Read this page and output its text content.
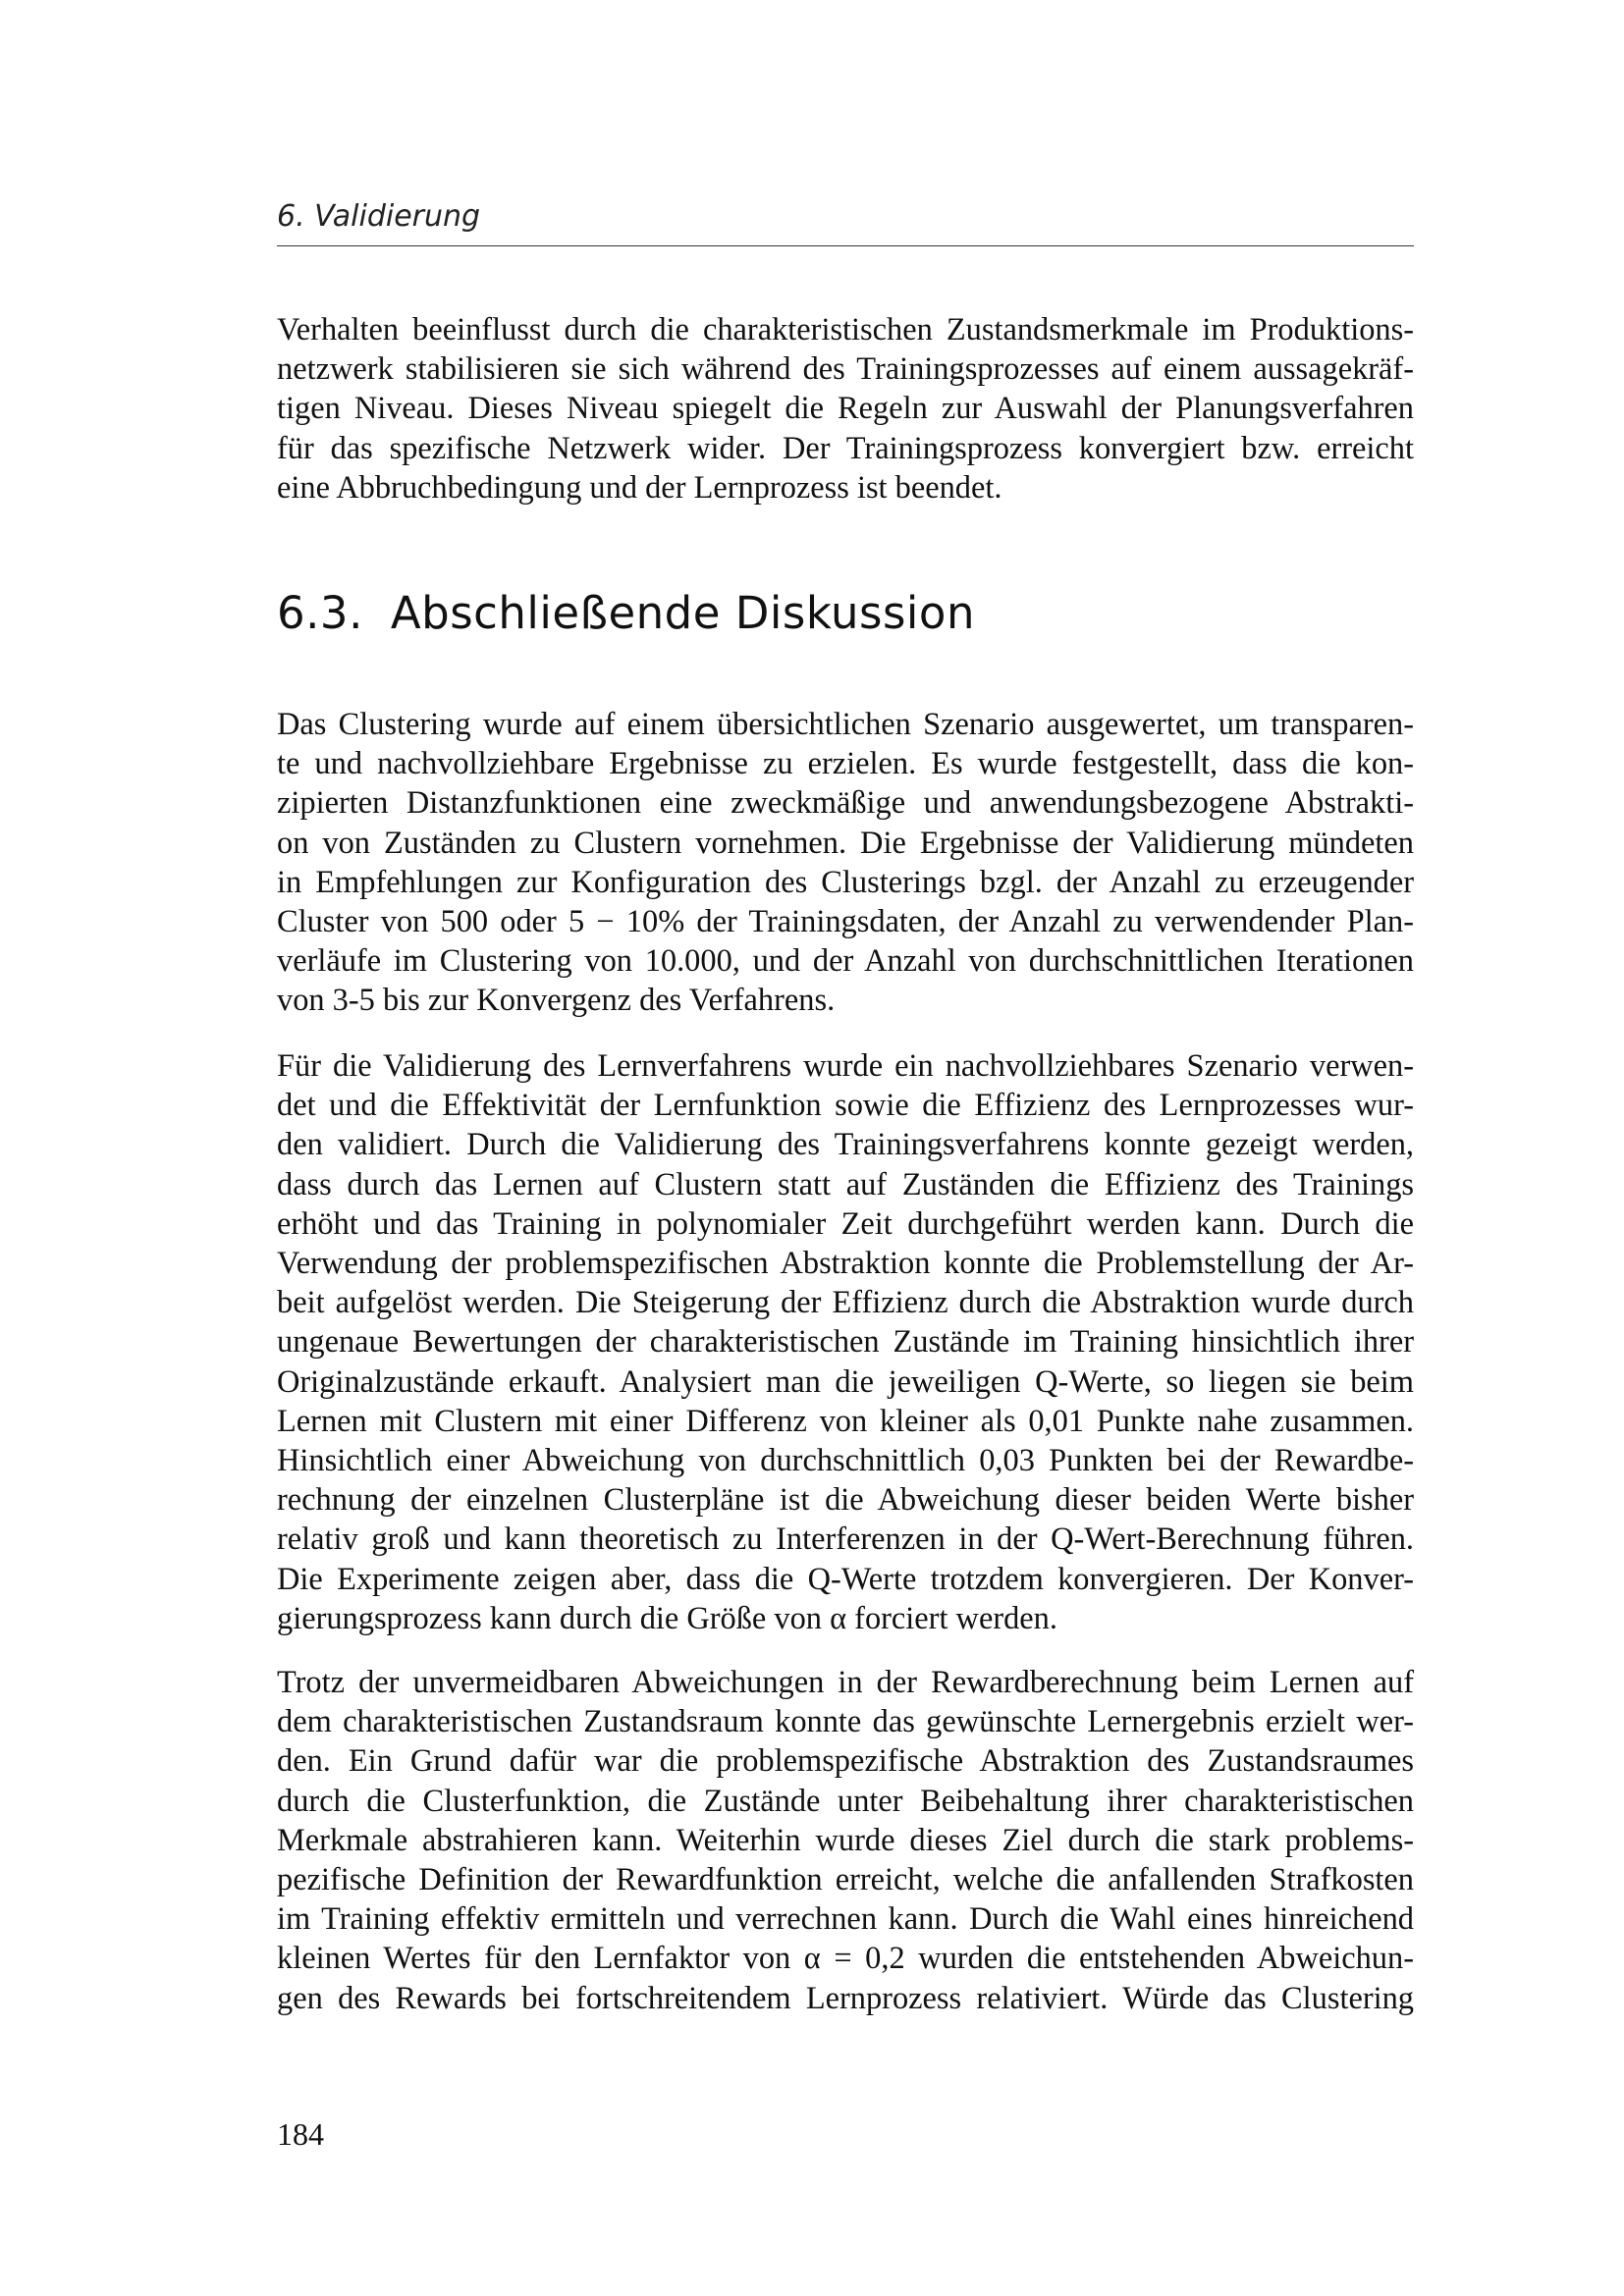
6. Validierung
Verhalten beeinflusst durch die charakteristischen Zustandsmerkmale im Produktions-
netzwerk stabilisieren sie sich während des Trainingsprozesses auf einem aussagekräf-
tigen Niveau. Dieses Niveau spiegelt die Regeln zur Auswahl der Planungsverfahren
für das spezifische Netzwerk wider. Der Trainingsprozess konvergiert bzw. erreicht
eine Abbruchbedingung und der Lernprozess ist beendet.
6.3. Abschließende Diskussion
Das Clustering wurde auf einem übersichtlichen Szenario ausgewertet, um transparen-
te und nachvollziehbare Ergebnisse zu erzielen. Es wurde festgestellt, dass die kon-
zipierten Distanzfunktionen eine zweckmäßige und anwendungsbezogene Abstrakti-
on von Zuständen zu Clustern vornehmen. Die Ergebnisse der Validierung mündeten
in Empfehlungen zur Konfiguration des Clusterings bzgl. der Anzahl zu erzeugender
Cluster von 500 oder 5 − 10% der Trainingsdaten, der Anzahl zu verwendender Plan-
verläufe im Clustering von 10.000, und der Anzahl von durchschnittlichen Iterationen
von 3-5 bis zur Konvergenz des Verfahrens.
Für die Validierung des Lernverfahrens wurde ein nachvollziehbares Szenario verwen-
det und die Effektivität der Lernfunktion sowie die Effizienz des Lernprozesses wur-
den validiert. Durch die Validierung des Trainingsverfahrens konnte gezeigt werden,
dass durch das Lernen auf Clustern statt auf Zuständen die Effizienz des Trainings
erhöht und das Training in polynomialer Zeit durchgeführt werden kann. Durch die
Verwendung der problemspezifischen Abstraktion konnte die Problemstellung der Ar-
beit aufgelöst werden. Die Steigerung der Effizienz durch die Abstraktion wurde durch
ungenaue Bewertungen der charakteristischen Zustände im Training hinsichtlich ihrer
Originalzustände erkauft. Analysiert man die jeweiligen Q-Werte, so liegen sie beim
Lernen mit Clustern mit einer Differenz von kleiner als 0,01 Punkte nahe zusammen.
Hinsichtlich einer Abweichung von durchschnittlich 0,03 Punkten bei der Rewardbe-
rechnung der einzelnen Clusterpläne ist die Abweichung dieser beiden Werte bisher
relativ groß und kann theoretisch zu Interferenzen in der Q-Wert-Berechnung führen.
Die Experimente zeigen aber, dass die Q-Werte trotzdem konvergieren. Der Konver-
gierungsprozess kann durch die Größe von α forciert werden.
Trotz der unvermeidbaren Abweichungen in der Rewardberechnung beim Lernen auf
dem charakteristischen Zustandsraum konnte das gewünschte Lernergebnis erzielt wer-
den. Ein Grund dafür war die problemspezifische Abstraktion des Zustandsraumes
durch die Clusterfunktion, die Zustände unter Beibehaltung ihrer charakteristischen
Merkmale abstrahieren kann. Weiterhin wurde dieses Ziel durch die stark problems-
pezifische Definition der Rewardfunktion erreicht, welche die anfallenden Strafkosten
im Training effektiv ermitteln und verrechnen kann. Durch die Wahl eines hinreichend
kleinen Wertes für den Lernfaktor von α = 0,2 wurden die entstehenden Abweichun-
gen des Rewards bei fortschreitendem Lernprozess relativiert. Würde das Clustering
184
